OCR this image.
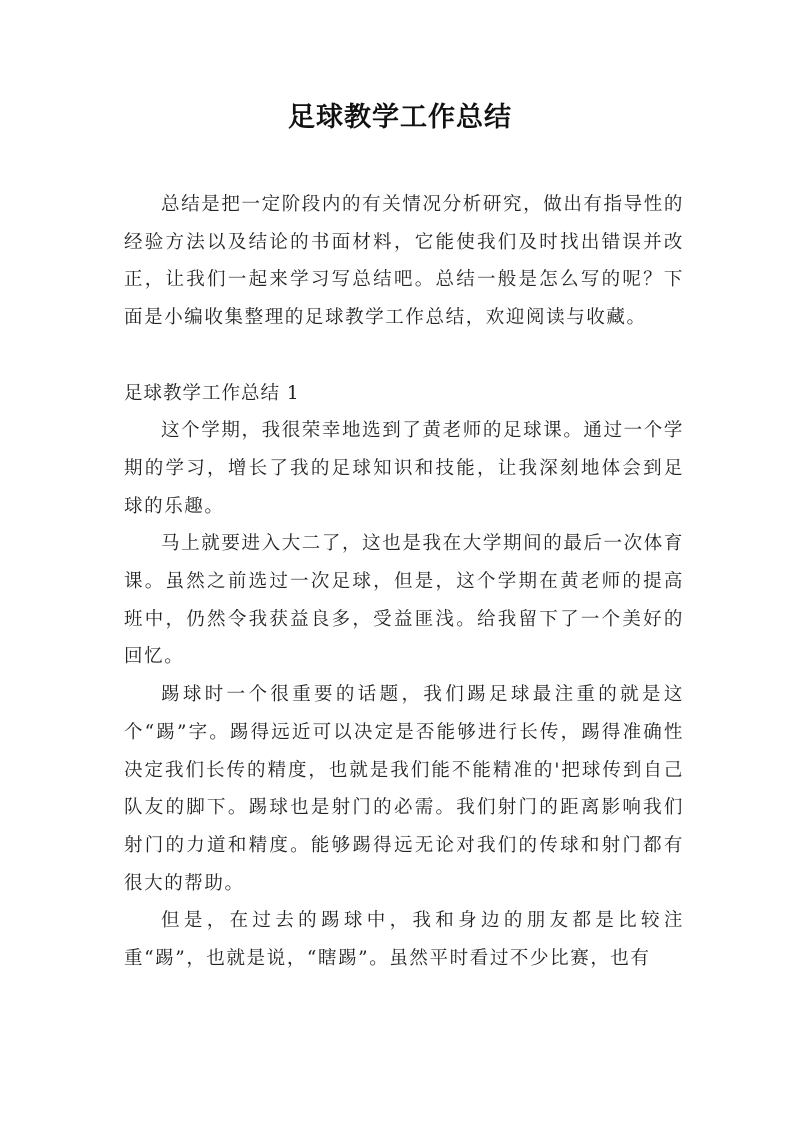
足球教学工作总结

总结是把一定阶段内的有关情况分析研究，做出有指导性的经验方法以及结论的书面材料，它能使我们及时找出错误并改正，让我们一起来学习写总结吧。总结一般是怎么写的呢？下面是小编收集整理的足球教学工作总结，欢迎阅读与收藏。

足球教学工作总结 1

这个学期，我很荣幸地选到了黄老师的足球课。通过一个学期的学习，增长了我的足球知识和技能，让我深刻地体会到足球的乐趣。

马上就要进入大二了，这也是我在大学期间的最后一次体育课。虽然之前选过一次足球，但是，这个学期在黄老师的提高班中，仍然令我获益良多，受益匪浅。给我留下了一个美好的回忆。

踢球时一个很重要的话题，我们踢足球最注重的就是这个“踢”字。踢得远近可以决定是否能够进行长传，踢得准确性决定我们长传的精度，也就是我们能不能精准的'把球传到自己队友的脚下。踢球也是射门的必需。我们射门的距离影响我们射门的力道和精度。能够踢得远无论对我们的传球和射门都有很大的帮助。

但是，在过去的踢球中，我和身边的朋友都是比较注重“踢”，也就是说，“瞎踢”。虽然平时看过不少比赛，也有
